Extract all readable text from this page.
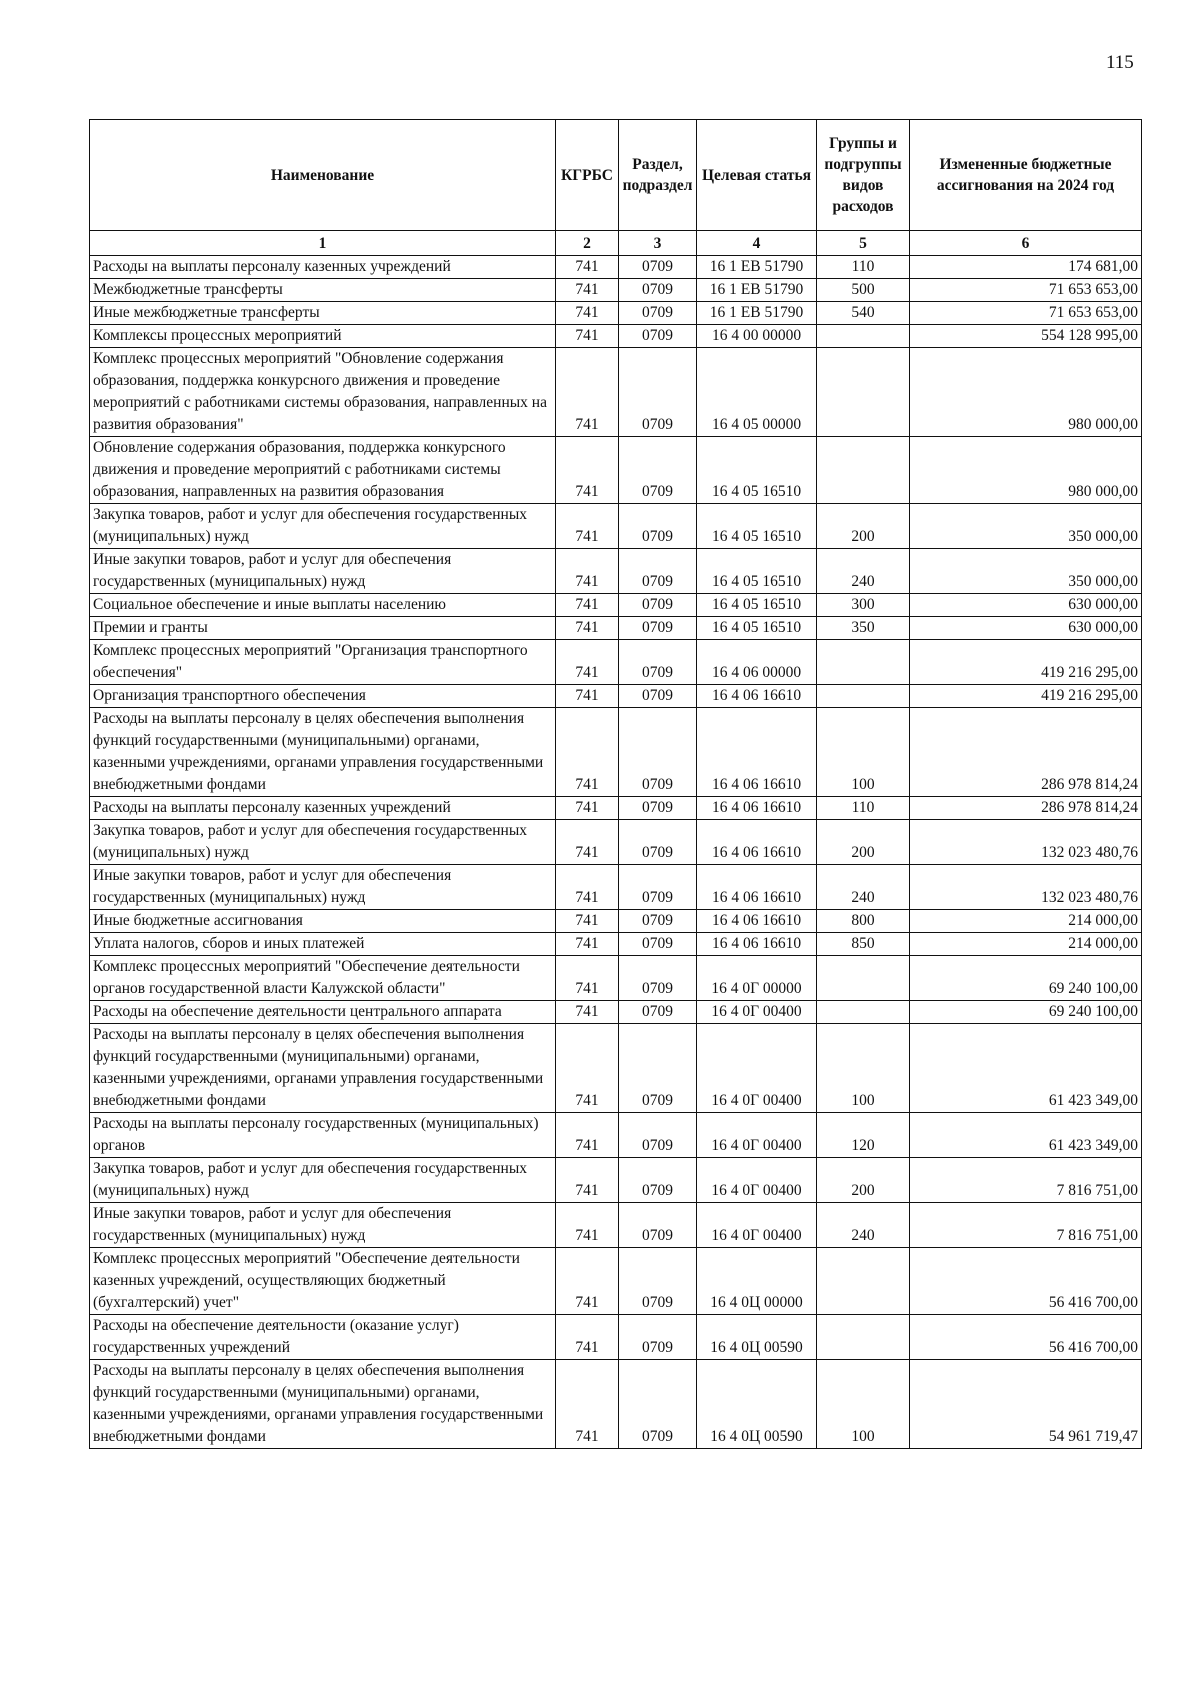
115
Наименование	КГРБС	Раздел, подраздел	Целевая статья	Группы и подгруппы видов расходов	Измененные бюджетные ассигнования на 2024 год
1	2	3	4	5	6
Расходы на выплаты персоналу казенных учреждений	741	0709	16 1 ЕВ 51790	110	174 681,00
Межбюджетные трансферты	741	0709	16 1 ЕВ 51790	500	71 653 653,00
Иные межбюджетные трансферты	741	0709	16 1 ЕВ 51790	540	71 653 653,00
Комплексы процессных мероприятий	741	0709	16 4 00 00000		554 128 995,00
Комплекс процессных мероприятий "Обновление содержания образования, поддержка конкурсного движения и проведение мероприятий с работниками системы образования, направленных на развития образования"	741	0709	16 4 05 00000		980 000,00
Обновление содержания образования, поддержка конкурсного движения и проведение мероприятий с работниками системы образования, направленных на развития образования	741	0709	16 4 05 16510		980 000,00
Закупка товаров, работ и услуг для обеспечения государственных (муниципальных) нужд	741	0709	16 4 05 16510	200	350 000,00
Иные закупки товаров, работ и услуг для обеспечения государственных (муниципальных) нужд	741	0709	16 4 05 16510	240	350 000,00
Социальное обеспечение и иные выплаты населению	741	0709	16 4 05 16510	300	630 000,00
Премии и гранты	741	0709	16 4 05 16510	350	630 000,00
Комплекс процессных мероприятий "Организация транспортного обеспечения"	741	0709	16 4 06 00000		419 216 295,00
Организация транспортного обеспечения	741	0709	16 4 06 16610		419 216 295,00
Расходы на выплаты персоналу в целях обеспечения выполнения функций государственными (муниципальными) органами, казенными учреждениями, органами управления государственными внебюджетными фондами	741	0709	16 4 06 16610	100	286 978 814,24
Расходы на выплаты персоналу казенных учреждений	741	0709	16 4 06 16610	110	286 978 814,24
Закупка товаров, работ и услуг для обеспечения государственных (муниципальных) нужд	741	0709	16 4 06 16610	200	132 023 480,76
Иные закупки товаров, работ и услуг для обеспечения государственных (муниципальных) нужд	741	0709	16 4 06 16610	240	132 023 480,76
Иные бюджетные ассигнования	741	0709	16 4 06 16610	800	214 000,00
Уплата налогов, сборов и иных платежей	741	0709	16 4 06 16610	850	214 000,00
Комплекс процессных мероприятий "Обеспечение деятельности органов государственной власти Калужской области"	741	0709	16 4 0Г 00000		69 240 100,00
Расходы на обеспечение деятельности центрального аппарата	741	0709	16 4 0Г 00400		69 240 100,00
Расходы на выплаты персоналу в целях обеспечения выполнения функций государственными (муниципальными) органами, казенными учреждениями, органами управления государственными внебюджетными фондами	741	0709	16 4 0Г 00400	100	61 423 349,00
Расходы на выплаты персоналу государственных (муниципальных) органов	741	0709	16 4 0Г 00400	120	61 423 349,00
Закупка товаров, работ и услуг для обеспечения государственных (муниципальных) нужд	741	0709	16 4 0Г 00400	200	7 816 751,00
Иные закупки товаров, работ и услуг для обеспечения государственных (муниципальных) нужд	741	0709	16 4 0Г 00400	240	7 816 751,00
Комплекс процессных мероприятий "Обеспечение деятельности казенных учреждений, осуществляющих бюджетный (бухгалтерский) учет"	741	0709	16 4 0Ц 00000		56 416 700,00
Расходы на обеспечение деятельности (оказание услуг) государственных учреждений	741	0709	16 4 0Ц 00590		56 416 700,00
Расходы на выплаты персоналу в целях обеспечения выполнения функций государственными (муниципальными) органами, казенными учреждениями, органами управления государственными внебюджетными фондами	741	0709	16 4 0Ц 00590	100	54 961 719,47
